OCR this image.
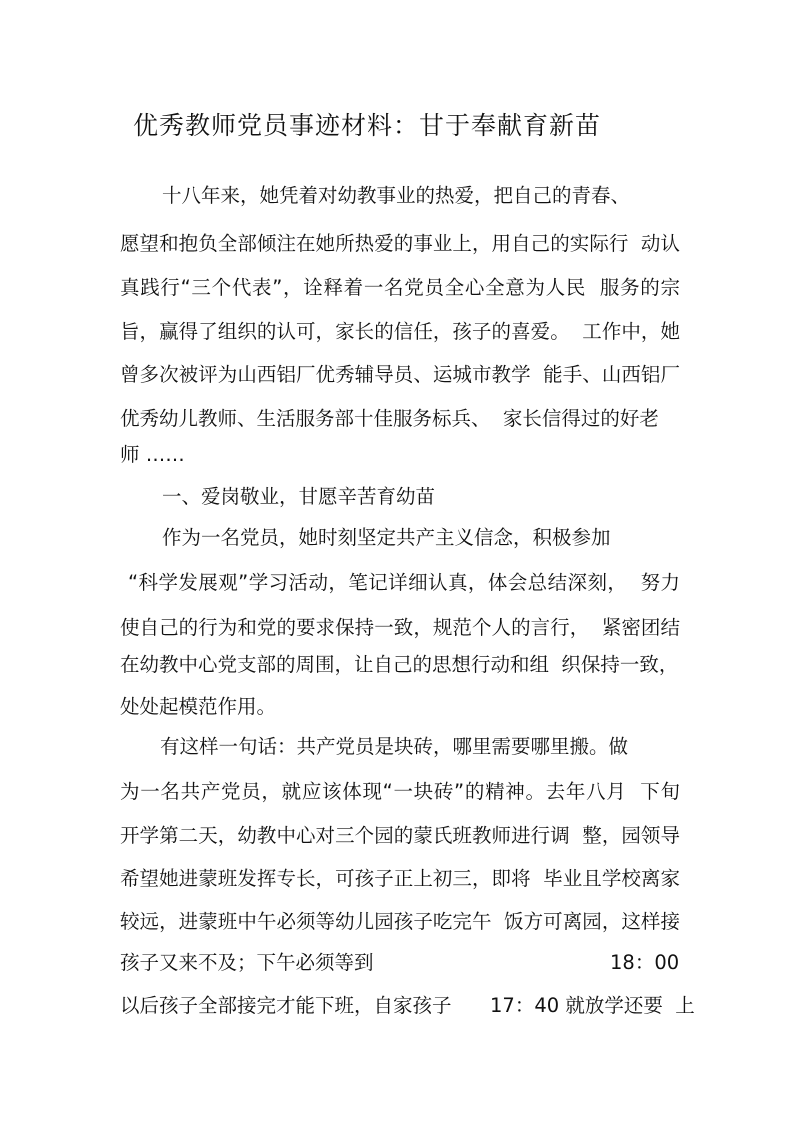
优秀教师党员事迹材料：甘于奉献育新苗
十八年来，她凭着对幼教事业的热爱，把自己的青春、
愿望和抱负全部倾注在她所热爱的事业上，用自己的实际行  动认
真践行“三个代表”，诠释着一名党员全心全意为人民  服务的宗
旨，赢得了组织的认可，家长的信任，孩子的喜爱。  工作中，她
曾多次被评为山西铝厂优秀辅导员、运城市教学  能手、山西铝厂
优秀幼儿教师、生活服务部十佳服务标兵、  家长信得过的好老
师 ……
一、爱岗敬业，甘愿辛苦育幼苗
作为一名党员，她时刻坚定共产主义信念，积极参加
“科学发展观”学习活动，笔记详细认真，体会总结深刻，  努力
使自己的行为和党的要求保持一致，规范个人的言行，  紧密团结
在幼教中心党支部的周围，让自己的思想行动和组  织保持一致，
处处起模范作用。
有这样一句话：共产党员是块砖，哪里需要哪里搬。做
为一名共产党员，就应该体现“一块砖”的精神。去年八月  下旬
开学第二天，幼教中心对三个园的蒙氏班教师进行调  整，园领导
希望她进蒙班发挥专长，可孩子正上初三，即将  毕业且学校离家
较远，进蒙班中午必须等幼儿园孩子吃完午  饭方可离园，这样接
孩子又来不及；下午必须等到	18：00
以后孩子全部接完才能下班，自家孩子 17：40 就放学还要  上
